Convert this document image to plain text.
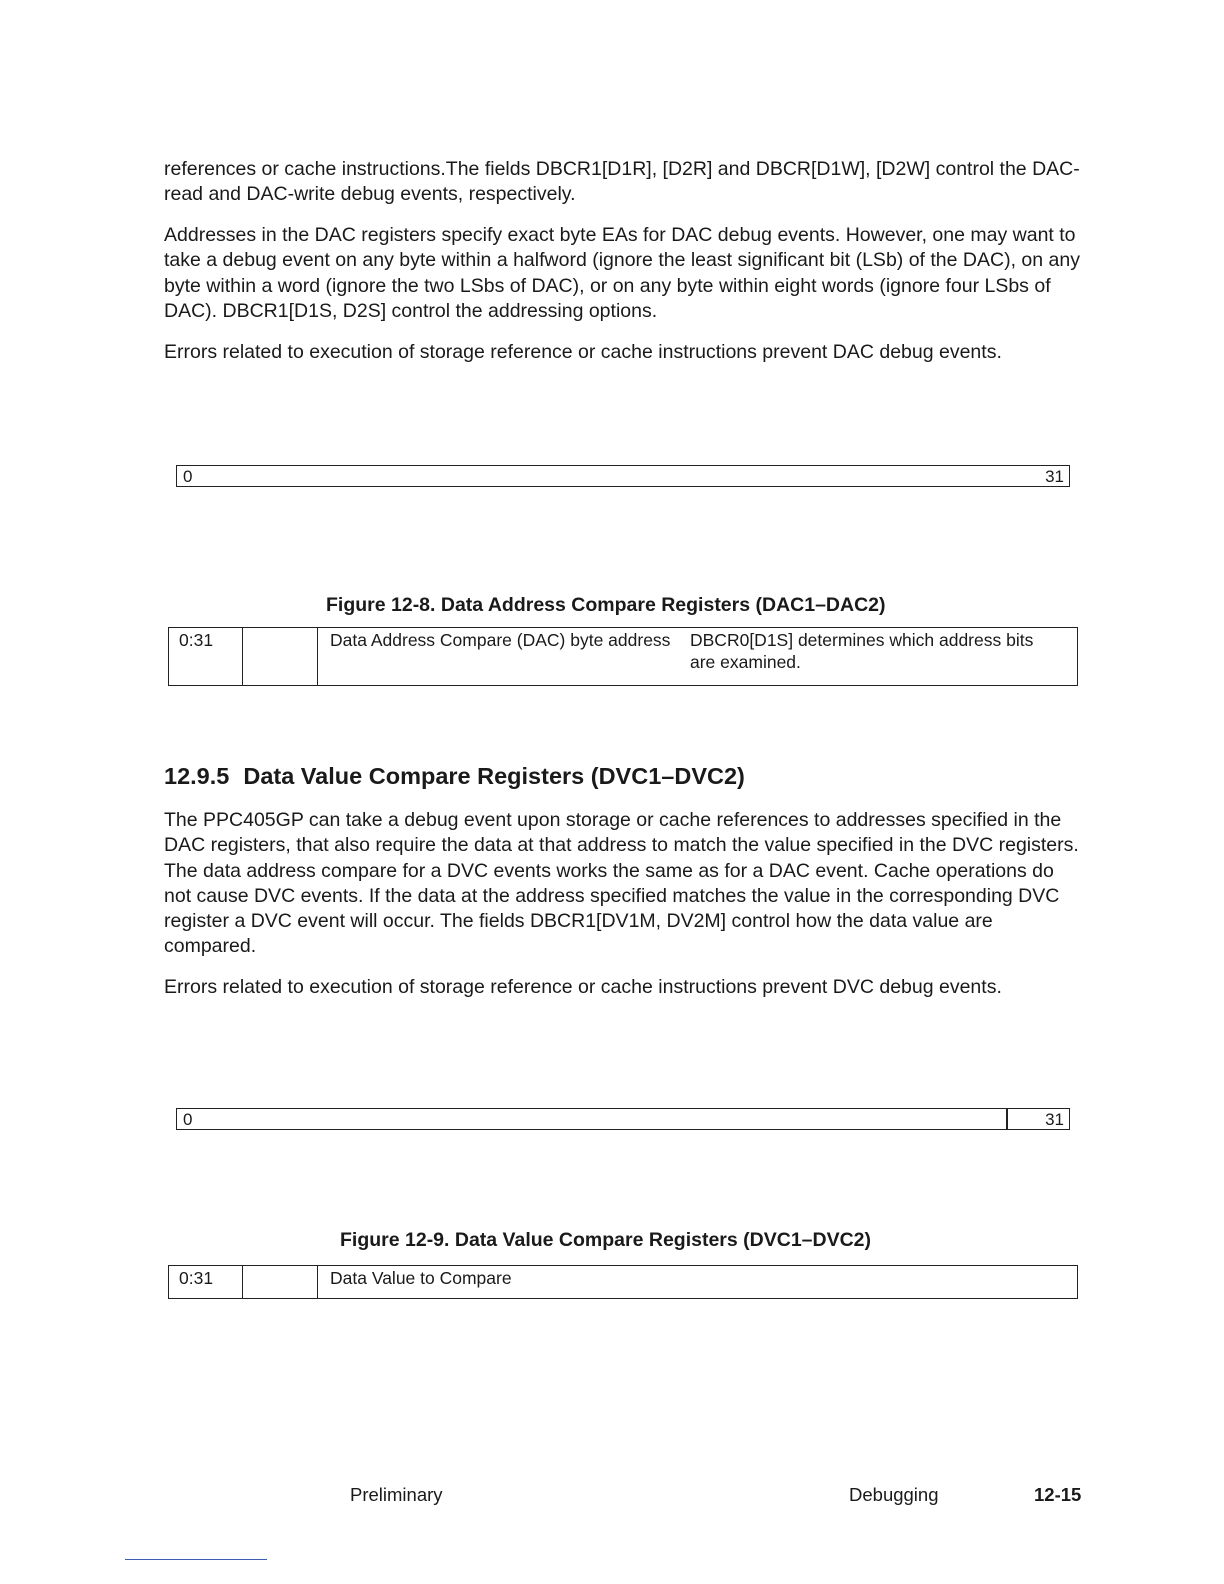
references or cache instructions.The fields DBCR1[D1R], [D2R] and DBCR[D1W], [D2W] control the DAC-read and DAC-write debug events, respectively.

Addresses in the DAC registers specify exact byte EAs for DAC debug events. However, one may want to take a debug event on any byte within a halfword (ignore the least significant bit (LSb) of the DAC), on any byte within a word (ignore the two LSbs of DAC), or on any byte within eight words (ignore four LSbs of DAC). DBCR1[D1S, D2S] control the addressing options.

Errors related to execution of storage reference or cache instructions prevent DAC debug events.

0	31

Figure 12-8. Data Address Compare Registers (DAC1–DAC2)

0:31		Data Address Compare (DAC) byte address DBCR0[D1S] determines which address bits are examined.
12.9.5 Data Value Compare Registers (DVC1–DVC2)

The PPC405GP can take a debug event upon storage or cache references to addresses specified in the DAC registers, that also require the data at that address to match the value specified in the DVC registers. The data address compare for a DVC events works the same as for a DAC event. Cache operations do not cause DVC events. If the data at the address specified matches the value in the corresponding DVC register a DVC event will occur. The fields DBCR1[DV1M, DV2M] control how the data value are compared.

Errors related to execution of storage reference or cache instructions prevent DVC debug events.

0	31

Figure 12-9. Data Value Compare Registers (DVC1–DVC2)

0:31		Data Value to Compare
Preliminary	Debugging	12-15
